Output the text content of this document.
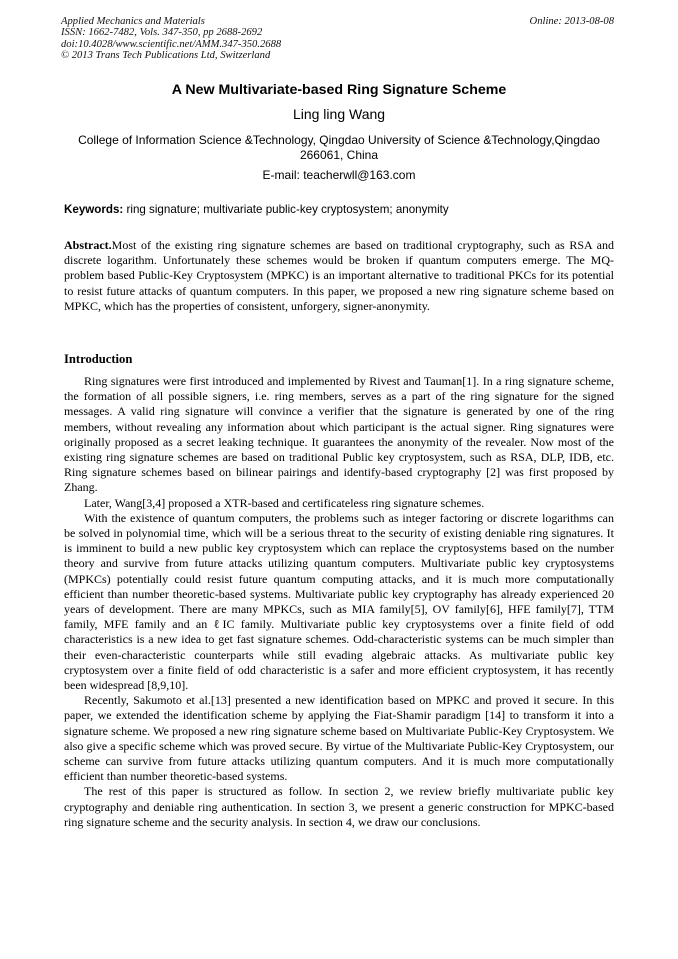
Applied Mechanics and Materials
ISSN: 1662-7482, Vols. 347-350, pp 2688-2692
doi:10.4028/www.scientific.net/AMM.347-350.2688
© 2013 Trans Tech Publications Ltd, Switzerland
Online: 2013-08-08
A New Multivariate-based Ring Signature Scheme
Ling ling Wang
College of Information Science &Technology, Qingdao University of Science &Technology,Qingdao 266061, China
E-mail: teacherwll@163.com
Keywords: ring signature; multivariate public-key cryptosystem; anonymity
Abstract.Most of the existing ring signature schemes are based on traditional cryptography, such as RSA and discrete logarithm. Unfortunately these schemes would be broken if quantum computers emerge. The MQ-problem based Public-Key Cryptosystem (MPKC) is an important alternative to traditional PKCs for its potential to resist future attacks of quantum computers. In this paper, we proposed a new ring signature scheme based on MPKC, which has the properties of consistent, unforgery, signer-anonymity.
Introduction

Ring signatures were first introduced and implemented by Rivest and Tauman[1]. In a ring signature scheme, the formation of all possible signers, i.e. ring members, serves as a part of the ring signature for the signed messages. A valid ring signature will convince a verifier that the signature is generated by one of the ring members, without revealing any information about which participant is the actual signer. Ring signatures were originally proposed as a secret leaking technique. It guarantees the anonymity of the revealer. Now most of the existing ring signature schemes are based on traditional Public key cryptosystem, such as RSA, DLP, IDB, etc. Ring signature schemes based on bilinear pairings and identify-based cryptography [2] was first proposed by Zhang.

Later, Wang[3,4] proposed a XTR-based and certificateless ring signature schemes.

With the existence of quantum computers, the problems such as integer factoring or discrete logarithms can be solved in polynomial time, which will be a serious threat to the security of existing deniable ring signatures. It is imminent to build a new public key cryptosystem which can replace the cryptosystems based on the number theory and survive from future attacks utilizing quantum computers. Multivariate public key cryptosystems (MPKCs) potentially could resist future quantum computing attacks, and it is much more computationally efficient than number theoretic-based systems. Multivariate public key cryptography has already experienced 20 years of development. There are many MPKCs, such as MIA family[5], OV family[6], HFE family[7], TTM family, MFE family and an ℓIC family. Multivariate public key cryptosystems over a finite field of odd characteristics is a new idea to get fast signature schemes. Odd-characteristic systems can be much simpler than their even-characteristic counterparts while still evading algebraic attacks. As multivariate public key cryptosystem over a finite field of odd characteristic is a safer and more efficient cryptosystem, it has recently been widespread [8,9,10].

Recently, Sakumoto et al.[13] presented a new identification based on MPKC and proved it secure. In this paper, we extended the identification scheme by applying the Fiat-Shamir paradigm [14] to transform it into a signature scheme. We proposed a new ring signature scheme based on Multivariate Public-Key Cryptosystem. We also give a specific scheme which was proved secure. By virtue of the Multivariate Public-Key Cryptosystem, our scheme can survive from future attacks utilizing quantum computers. And it is much more computationally efficient than number theoretic-based systems.

The rest of this paper is structured as follow. In section 2, we review briefly multivariate public key cryptography and deniable ring authentication. In section 3, we present a generic construction for MPKC-based ring signature scheme and the security analysis. In section 4, we draw our conclusions.
